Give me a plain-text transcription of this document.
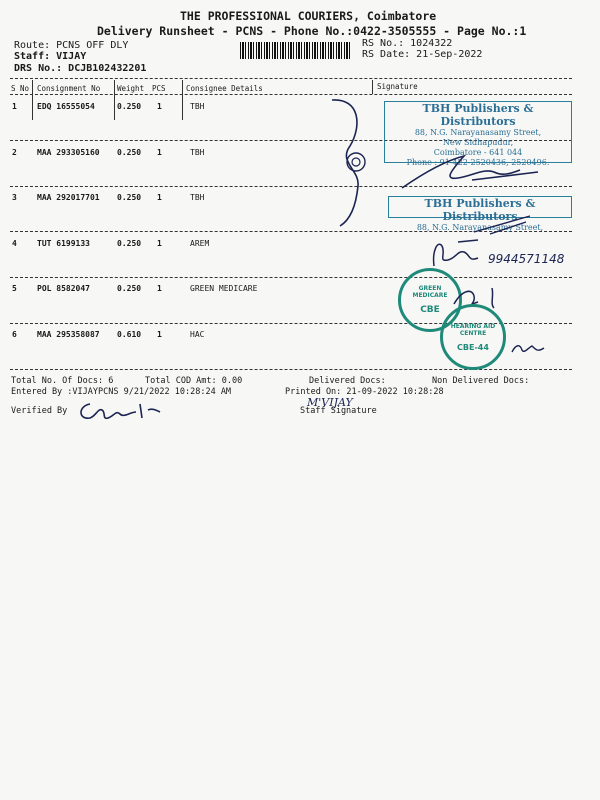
THE PROFESSIONAL COURIERS, Coimbatore
Delivery Runsheet - PCNS - Phone No.:0422-3505555 - Page No.:1
Route: PCNS OFF DLY
Staff: VIJAY
DRS No.: DCJB102432201
RS No.: 1024322
RS Date: 21-Sep-2022
S No Consignment No Weight PCS	Consignee Details	Signature
1	EDQ 16555054	0.250 1	TBH
2	MAA 293305160 0.250 1	TBH
3	MAA 292017701 0.250 1	TBH
4	TUT 6199133	0.250 1	AREM
5	POL 8582047	0.250 1	GREEN MEDICARE
6	MAA 295358087 0.610 1	HAC
TBH Publishers & Distributors
88, N.G. Narayanasamy Street,
New Sidhapudur,
Coimbatore - 641 044
Phone : 91-422-2520436, 2520496.
TBH Publishers & Distributors
88, N.G. Narayanasamy Street,
9944571148
GREEN MEDICARE
CBE
HEARING AID CENTRE
CBE-44
Total No. Of Docs: 6	Total COD Amt: 0.00	Delivered Docs:	Non Delivered Docs:
Entered By :VIJAYPCNS 9/21/2022 10:28:24 AM	Printed On: 21-09-2022 10:28:28
Verified By
M'VIJAY
Staff Signature
